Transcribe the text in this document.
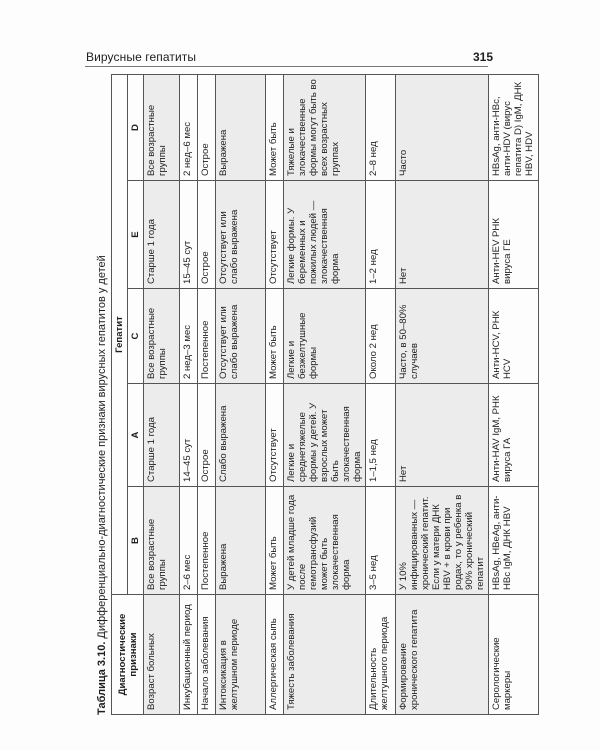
Вирусные гепатиты	315
Таблица 3.10. Дифференциально-диагностические признаки вирусных гепатитов у детей
Диагностические признаки	Гепатит				
	B	A	C	E	D
Возраст больных	Все возрастные группы	Старше 1 года	Все возрастные группы	Старше 1 года	Все возрастные группы
Инкубационный период	2–6 мес	14–45 сут	2 нед–3 мес	15–45 сут	2 нед–6 мес
Начало заболевания	Постепенное	Острое	Постепенное	Острое	Острое
Интоксикация в желтушном периоде	Выражена	Слабо выражена	Отсутствует или слабо выражена	Отсутствует или слабо выражена	Выражена
Аллергическая сыпь	Может быть	Отсутствует	Может быть	Отсутствует	Может быть
Тяжесть заболевания	У детей младше года после гемотрансфузий может быть злокачественная форма	Легкие и среднетяжелые формы у детей. У взрослых может быть злокачественная форма	Легкие и безжелтушные формы	Легкие формы. У беременных и пожилых людей — злокачественная форма	Тяжелые и злокачественные формы могут быть во всех возрастных группах
Длительность желтушного периода	3–5 нед	1–1,5 нед	Около 2 нед	1–2 нед	2–8 нед
Формирование хронического гепатита	У 10% инфицированных — хронический гепатит. Если у матери ДНК HBV + в крови при родах, то у ребенка в 90% хронический гепатит	Нет	Часто, в 50–80% случаев	Нет	Часто
Серологические маркеры	HBsAg, HBeAg, анти-HBc IgM, ДНК HBV	Анти-HAV IgM, РНК вируса ГА	Анти-HCV, РНК HCV	Анти-HEV РНК вируса ГЕ	HBsAg, анти-HBc, анти-HDV (вирус гепатита D) IgM, ДНК HBV, HDV
